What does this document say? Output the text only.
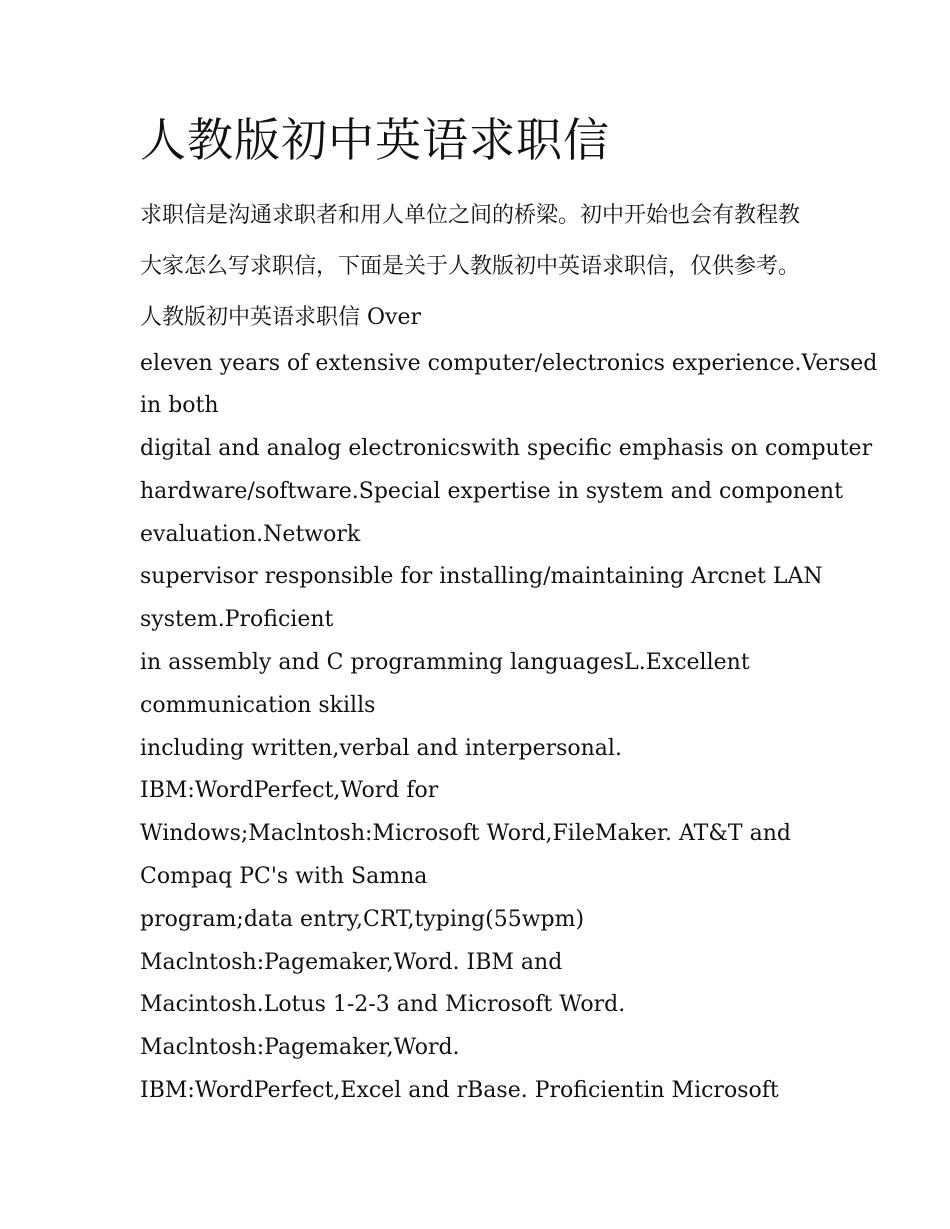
人教版初中英语求职信

求职信是沟通求职者和用人单位之间的桥梁。初中开始也会有教程教大家怎么写求职信，下面是关于人教版初中英语求职信，仅供参考。 人教版初中英语求职信 Over

eleven years of extensive computer/electronics experience.Versed
in both
digital and analog electronicswith specific emphasis on computer
hardware/software.Special expertise in system and component
evaluation.Network
supervisor responsible for installing/maintaining Arcnet LAN
system.Proficient
in assembly and C programming languagesL.Excellent
communication skills
including written,verbal and interpersonal.
IBM:WordPerfect,Word for
Windows;Maclntosh:Microsoft Word,FileMaker. AT&T and
Compaq PC's with Samna
program;data entry,CRT,typing(55wpm)
Maclntosh:Pagemaker,Word. IBM and
Macintosh.Lotus 1-2-3 and Microsoft Word.
Maclntosh:Pagemaker,Word.
IBM:WordPerfect,Excel and rBase. Proficientin Microsoft
